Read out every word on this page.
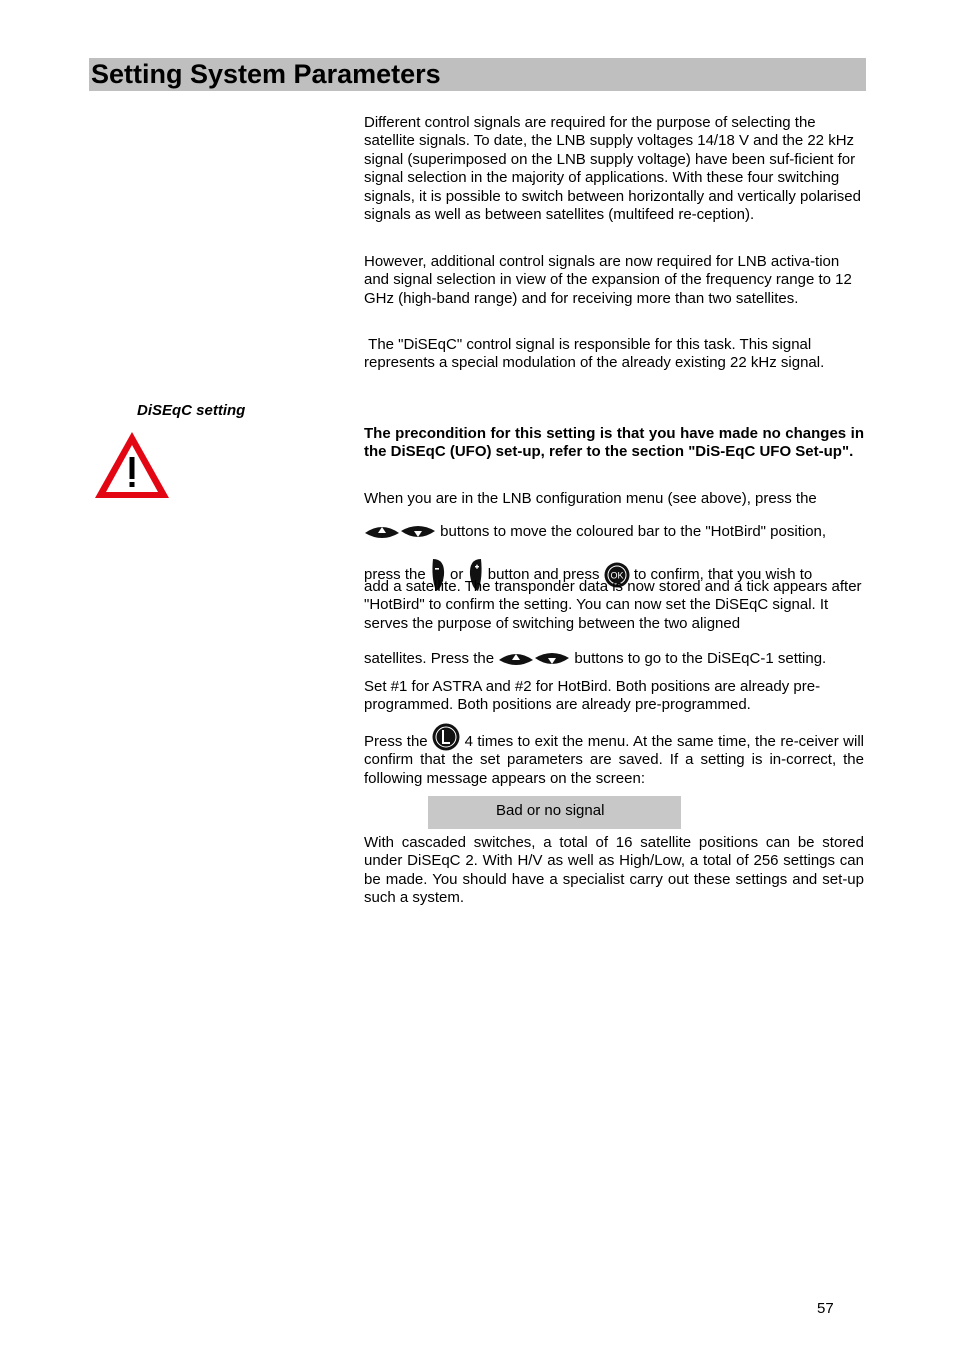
Setting System Parameters

Different control signals are required for the purpose of selecting the satellite signals. To date, the LNB supply voltages 14/18 V and the 22 kHz signal (superimposed on the LNB supply voltage) have been suf-ficient for signal selection in the majority of applications. With these four switching signals, it is possible to switch between horizontally and vertically polarised signals as well as between satellites (multifeed re-ception).

However, additional control signals are now required for LNB activa-tion and signal selection in view of the expansion of the frequency range to 12 GHz (high-band range) and for receiving more than two satellites.

The "DiSEqC" control signal is responsible for this task. This signal represents a special modulation of the already existing 22 kHz signal.

DiSEqC setting

The precondition for this setting is that you have made no changes in the DiSEqC (UFO) set-up, refer to the section "DiS-EqC UFO Set-up".

When you are in the LNB configuration menu (see above), press the

buttons to move the coloured bar to the "HotBird" position,
press the or button and press OK to confirm, that you wish to

add a satellite. The transponder data is now stored and a tick appears after "HotBird" to confirm the setting. You can now set the DiSEqC signal. It serves the purpose of switching between the two aligned

satellites. Press the	buttons to go to the DiSEqC-1 setting.

Set #1 for ASTRA and #2 for HotBird. Both positions are already pre-programmed. Both positions are already pre-programmed.

Press the 4 times to exit the menu. At the same time, the re-ceiver will confirm that the set parameters are saved. If a setting is in-correct, the following message appears on the screen:
Bad or no signal

With cascaded switches, a total of 16 satellite positions can be stored under DiSEqC 2. With H/V as well as High/Low, a total of 256 settings can be made. You should have a specialist carry out these settings and set-up such a system.

57
